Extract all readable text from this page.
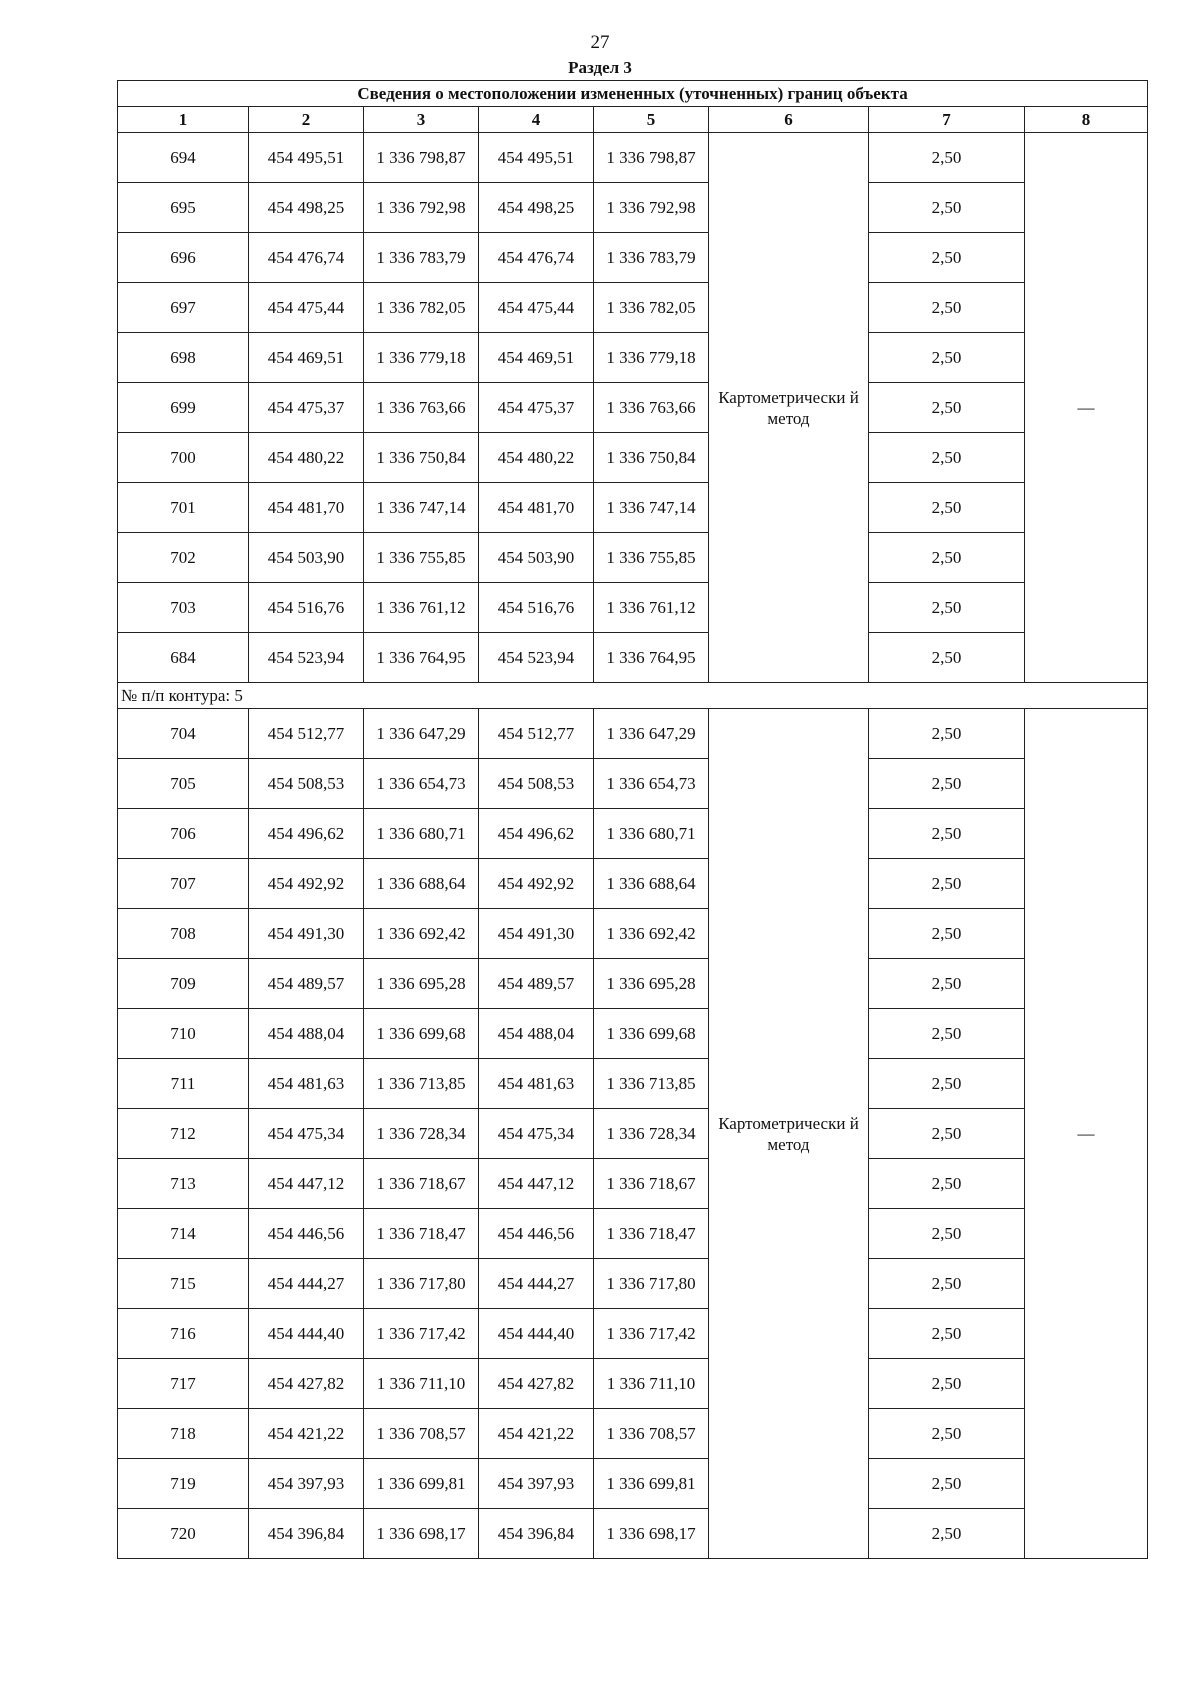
27
Раздел 3
Сведения о местоположении измененных (уточненных) границ объекта							
1	2	3	4	5	6	7	8
694	454 495,51	1 336 798,87	454 495,51	1 336 798,87	Картометрически й метод	2,50	—
695	454 498,25	1 336 792,98	454 498,25	1 336 792,98		2,50	
696	454 476,74	1 336 783,79	454 476,74	1 336 783,79		2,50	
697	454 475,44	1 336 782,05	454 475,44	1 336 782,05		2,50	
698	454 469,51	1 336 779,18	454 469,51	1 336 779,18		2,50	
699	454 475,37	1 336 763,66	454 475,37	1 336 763,66		2,50	
700	454 480,22	1 336 750,84	454 480,22	1 336 750,84		2,50	
701	454 481,70	1 336 747,14	454 481,70	1 336 747,14		2,50	
702	454 503,90	1 336 755,85	454 503,90	1 336 755,85		2,50	
703	454 516,76	1 336 761,12	454 516,76	1 336 761,12		2,50	
684	454 523,94	1 336 764,95	454 523,94	1 336 764,95		2,50	
№ п/п контура: 5							
704	454 512,77	1 336 647,29	454 512,77	1 336 647,29	Картометрически й метод	2,50	—
705	454 508,53	1 336 654,73	454 508,53	1 336 654,73		2,50	
706	454 496,62	1 336 680,71	454 496,62	1 336 680,71		2,50	
707	454 492,92	1 336 688,64	454 492,92	1 336 688,64		2,50	
708	454 491,30	1 336 692,42	454 491,30	1 336 692,42		2,50	
709	454 489,57	1 336 695,28	454 489,57	1 336 695,28		2,50	
710	454 488,04	1 336 699,68	454 488,04	1 336 699,68		2,50	
711	454 481,63	1 336 713,85	454 481,63	1 336 713,85		2,50	
712	454 475,34	1 336 728,34	454 475,34	1 336 728,34		2,50	
713	454 447,12	1 336 718,67	454 447,12	1 336 718,67		2,50	
714	454 446,56	1 336 718,47	454 446,56	1 336 718,47		2,50	
715	454 444,27	1 336 717,80	454 444,27	1 336 717,80		2,50	
716	454 444,40	1 336 717,42	454 444,40	1 336 717,42		2,50	
717	454 427,82	1 336 711,10	454 427,82	1 336 711,10		2,50	
718	454 421,22	1 336 708,57	454 421,22	1 336 708,57		2,50	
719	454 397,93	1 336 699,81	454 397,93	1 336 699,81		2,50	
720	454 396,84	1 336 698,17	454 396,84	1 336 698,17		2,50	
